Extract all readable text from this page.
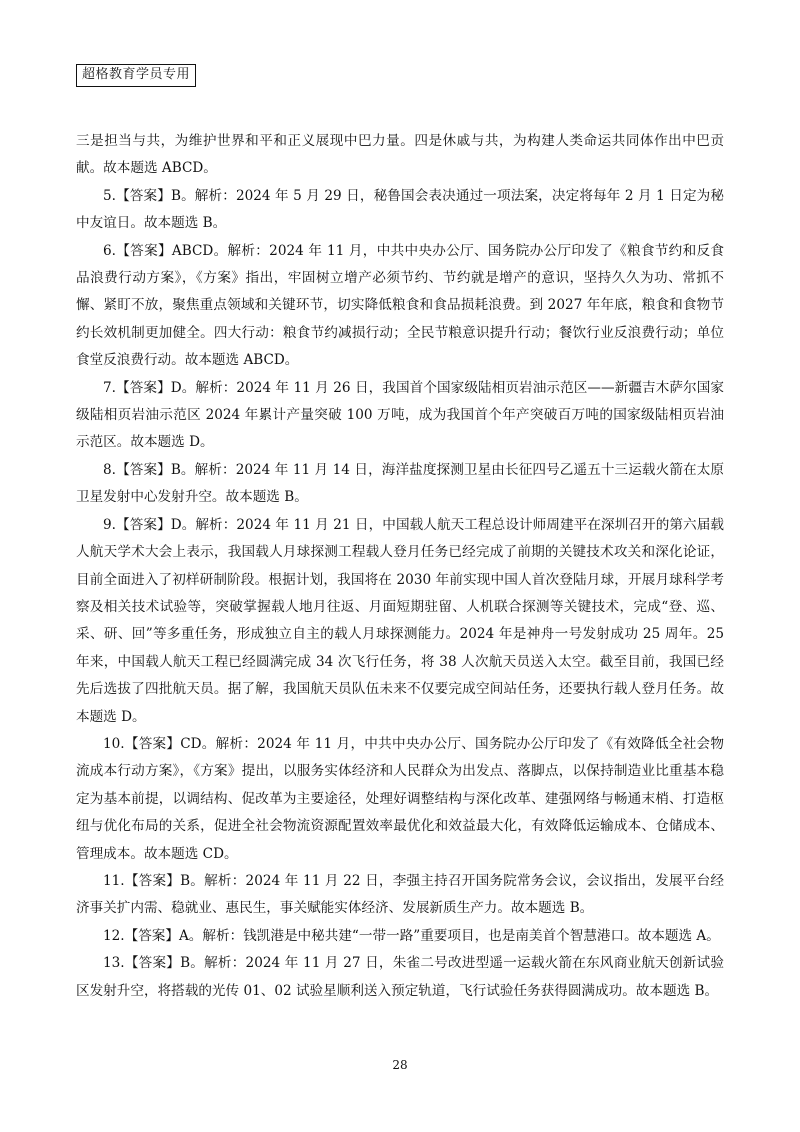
超格教育学员专用

三是担当与共，为维护世界和平和正义展现中巴力量。四是休戚与共，为构建人类命运共同体作出中巴贡献。故本题选 ABCD。

5.【答案】B。解析：2024 年 5 月 29 日，秘鲁国会表决通过一项法案，决定将每年 2 月 1 日定为秘中友谊日。故本题选 B。

6.【答案】ABCD。解析：2024 年 11 月，中共中央办公厅、国务院办公厅印发了《粮食节约和反食品浪费行动方案》，《方案》指出，牢固树立增产必须节约、节约就是增产的意识，坚持久久为功、常抓不懈、紧盯不放，聚焦重点领域和关键环节，切实降低粮食和食品损耗浪费。到 2027 年年底，粮食和食物节约长效机制更加健全。四大行动：粮食节约减损行动；全民节粮意识提升行动；餐饮行业反浪费行动；单位食堂反浪费行动。故本题选 ABCD。

7.【答案】D。解析：2024 年 11 月 26 日，我国首个国家级陆相页岩油示范区——新疆吉木萨尔国家级陆相页岩油示范区 2024 年累计产量突破 100 万吨，成为我国首个年产突破百万吨的国家级陆相页岩油示范区。故本题选 D。

8.【答案】B。解析：2024 年 11 月 14 日，海洋盐度探测卫星由长征四号乙遥五十三运载火箭在太原卫星发射中心发射升空。故本题选 B。

9.【答案】D。解析：2024 年 11 月 21 日，中国载人航天工程总设计师周建平在深圳召开的第六届载人航天学术大会上表示，我国载人月球探测工程载人登月任务已经完成了前期的关键技术攻关和深化论证，目前全面进入了初样研制阶段。根据计划，我国将在 2030 年前实现中国人首次登陆月球，开展月球科学考察及相关技术试验等，突破掌握载人地月往返、月面短期驻留、人机联合探测等关键技术，完成“登、巡、采、研、回”等多重任务，形成独立自主的载人月球探测能力。2024 年是神舟一号发射成功 25 周年。25 年来，中国载人航天工程已经圆满完成 34 次飞行任务，将 38 人次航天员送入太空。截至目前，我国已经先后选拔了四批航天员。据了解，我国航天员队伍未来不仅要完成空间站任务，还要执行载人登月任务。故本题选 D。

10.【答案】CD。解析：2024 年 11 月，中共中央办公厅、国务院办公厅印发了《有效降低全社会物流成本行动方案》，《方案》提出，以服务实体经济和人民群众为出发点、落脚点，以保持制造业比重基本稳定为基本前提，以调结构、促改革为主要途径，处理好调整结构与深化改革、建强网络与畅通末梢、打造枢纽与优化布局的关系，促进全社会物流资源配置效率最优化和效益最大化，有效降低运输成本、仓储成本、管理成本。故本题选 CD。

11.【答案】B。解析：2024 年 11 月 22 日，李强主持召开国务院常务会议，会议指出，发展平台经济事关扩内需、稳就业、惠民生，事关赋能实体经济、发展新质生产力。故本题选 B。

12.【答案】A。解析：钱凯港是中秘共建“一带一路”重要项目，也是南美首个智慧港口。故本题选 A。

13.【答案】B。解析：2024 年 11 月 27 日，朱雀二号改进型遥一运载火箭在东风商业航天创新试验区发射升空，将搭载的光传 01、02 试验星顺利送入预定轨道，飞行试验任务获得圆满成功。故本题选 B。

28
